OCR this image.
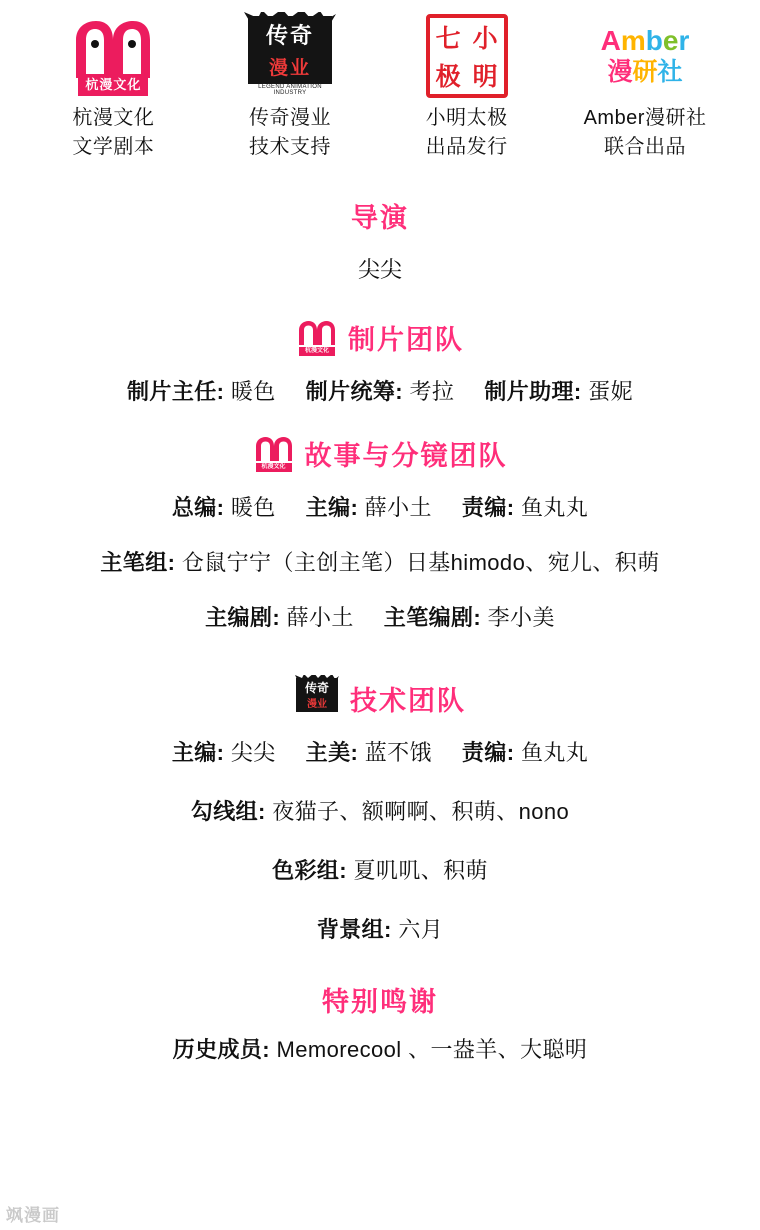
杭漫文化
杭漫文化
文学剧本
传奇
漫业
LEGEND ANIMATION INDUSTRY
传奇漫业
技术支持
七 小
极 明
小明太极
出品发行
Amber
漫研社
Amber漫研社
联合出品
导演
尖尖
杭漫文化 制片团队
制片主任: 暖色 制片统筹: 考拉 制片助理: 蛋妮
杭漫文化 故事与分镜团队
总编: 暖色 主编: 薛小土 责编: 鱼丸丸
主笔组: 仓鼠宁宁（主创主笔）日基himodo、宛儿、积萌
主编剧: 薛小土 主笔编剧: 李小美
传奇
漫业 技术团队
主编: 尖尖 主美: 蓝不饿 责编: 鱼丸丸
勾线组: 夜猫子、额啊啊、积萌、nono
色彩组: 夏叽叽、积萌
背景组: 六月
特别鸣谢
历史成员: Memorecool 、一盎羊、大聪明
飒漫画
